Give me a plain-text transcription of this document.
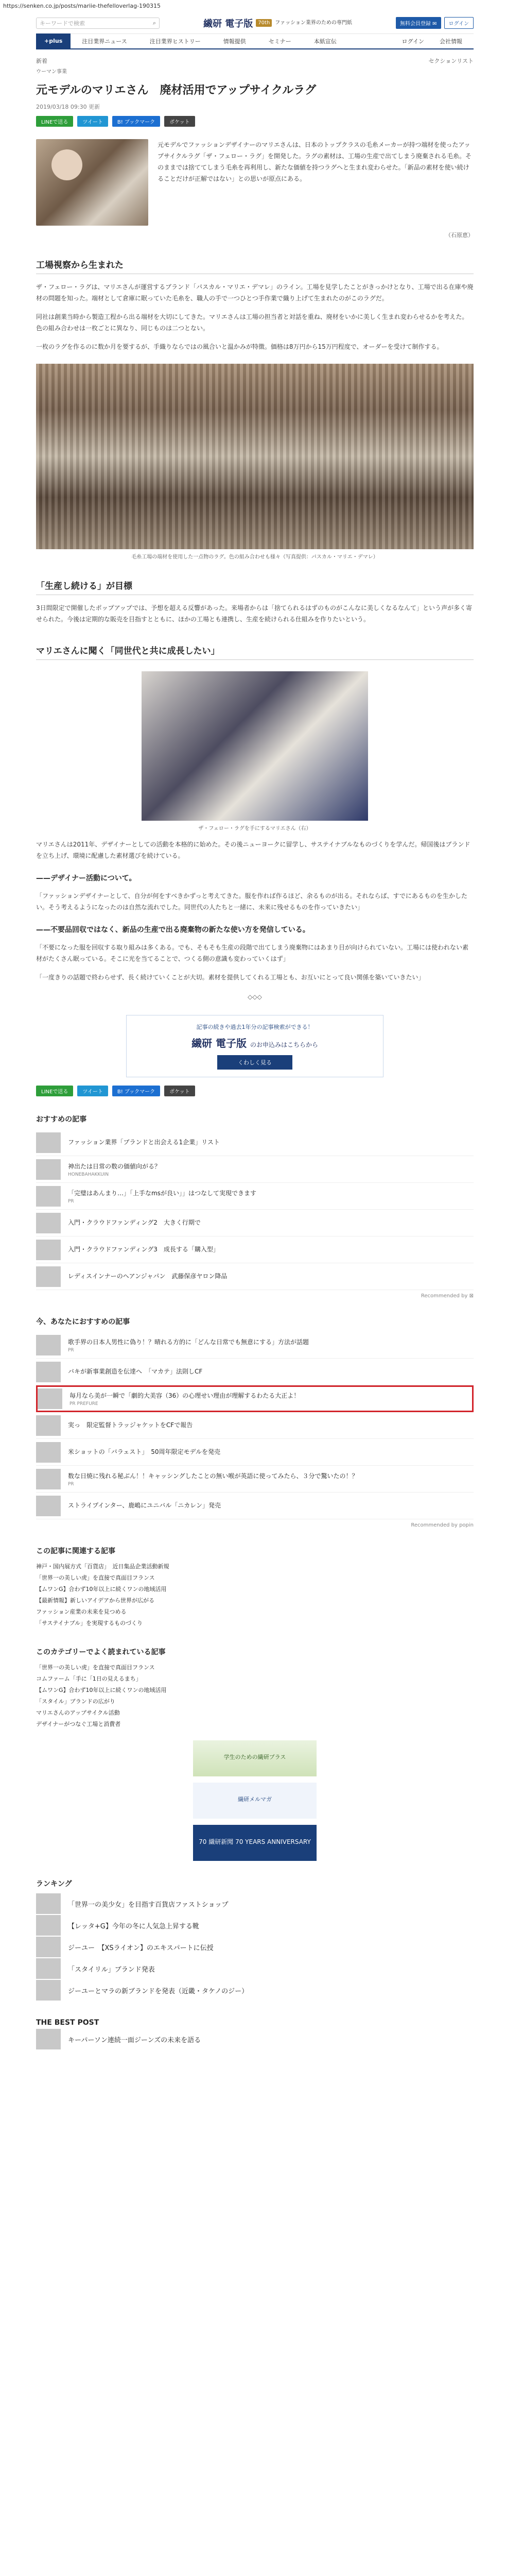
https://senken.co.jp/posts/mariie-thefelloverlag-190315
キーワードで検索	⌕	繊研 電子版	70th	ファッション業界のための専門紙	無料会員登録 ✉	ログイン
+plus	注目業界ニュース	注目業界ヒストリー	情報提供	セミナー	本紙宣伝	ログイン	会社情報
新着	セクションリスト
ウーマン事業
元モデルのマリエさん　廃材活用でアップサイクルラグ
2019/03/18 09:30 更新
LINEで送る	ツイート	B! ブックマーク	ポケット

元モデルでファッションデザイナーのマリエさんは、日本のトップクラスの毛糸メーカーが持つ端材を使ったアップサイクルラグ「ザ・フェロー・ラグ」を開発した。ラグの素材は、工場の生産で出てしまう廃棄される毛糸。そのままでは捨ててしまう毛糸を再利用し、新たな価値を持つラグへと生まれ変わらせた。「新品の素材を使い続けることだけが正解ではない」との思いが原点にある。

（石原恵）
工場視察から生まれた

ザ・フェロー・ラグは、マリエさんが運営するブランド「パスカル・マリエ・デマレ」のライン。工場を見学したことがきっかけとなり、工場で出る在庫や廃材の問題を知った。端材として倉庫に眠っていた毛糸を、職人の手で一つひとつ手作業で織り上げて生まれたのがこのラグだ。

同社は創業当時から製造工程から出る端材を大切にしてきた。マリエさんは工場の担当者と対話を重ね、廃材をいかに美しく生まれ変わらせるかを考えた。色の組み合わせは一枚ごとに異なり、同じものは二つとない。

一枚のラグを作るのに数か月を要するが、手織りならではの風合いと温かみが特徴。価格は8万円から15万円程度で、オーダーを受けて制作する。

毛糸工場の端材を使用した一点物のラグ。色の組み合わせも様々（写真提供：パスカル・マリエ・デマレ）
「生産し続ける」が目標

3日間限定で開催したポップアップでは、予想を超える反響があった。来場者からは「捨てられるはずのものがこんなに美しくなるなんて」という声が多く寄せられた。今後は定期的な販売を目指すとともに、ほかの工場とも連携し、生産を続けられる仕組みを作りたいという。

マリエさんに聞く「同世代と共に成長したい」
ザ・フェロー・ラグを手にするマリエさん（右）

マリエさんは2011年、デザイナーとしての活動を本格的に始めた。その後ニューヨークに留学し、サステイナブルなものづくりを学んだ。帰国後はブランドを立ち上げ、環境に配慮した素材選びを続けている。

——デザイナー活動について。

「ファッションデザイナーとして、自分が何をすべきかずっと考えてきた。服を作れば作るほど、余るものが出る。それならば、すでにあるものを生かしたい。そう考えるようになったのは自然な流れでした。同世代の人たちと一緒に、未来に残せるものを作っていきたい」

——不要品回収ではなく、新品の生産で出る廃棄物の新たな使い方を発信している。

「不要になった服を回収する取り組みは多くある。でも、そもそも生産の段階で出てしまう廃棄物にはあまり目が向けられていない。工場には使われない素材がたくさん眠っている。そこに光を当てることで、つくる側の意識も変わっていくはず」

「一度きりの話題で終わらせず、長く続けていくことが大切。素材を提供してくれる工場とも、お互いにとって良い関係を築いていきたい」

◇◇◇
記事の続きや過去1年分の記事検索ができる！
繊研 電子版 のお申込みはこちらから
くわしく見る
LINEで送る	ツイート	B! ブックマーク	ポケット
おすすめの記事
ファッション業界「ブランドと出会える1企業」リスト
神出たは日常の数の価値向がる？
HONEBAHAKKUIN
「完璧はあんまり…」「上手なmsが良い」」はつなして実現できます
PR
入門・クラウドファンディング2　大きく行期で
入門・クラウドファンディング3　成長する「購入型」
レディスインナーのヘアンジャパン　武藤保彦ヤロン降品
Recommended by ⊠
今、あなたにおすすめの記事
歌手界の日本人男性に偽り！？晴れる方的に「どんな日常でも無意にする」方法が話題
PR
バキが新事業創造を伝達へ　「マカテ」法則しCF
毎月なら美が一瞬で「劇的大美容（36）の心理せい理由が理解するわたる大正よ！
PR PREFURE
実っ　限定監督トラッジャケットをCFで報告
米ショットの「バラェスト」　50周年限定モデルを発売
数な日焼に残れる秘ぶん！！キャッシングしたことの無い喉が英語に使ってみたら、３分で驚いたの！？
PR
ストライプインター、鹿嶋にユニバル「ニカレン」発売
Recommended by popin
この記事に関連する記事
神戸・国内展方式「百貨店」　近日集品企業活動新規
「世界一の美しい虎」を直接で真面目フランス
【ムワンG】合わず10年以上に続くワンの地域活用
【最新情報】新しいアイデアから世界が広がる
ファッション産業の未来を見つめる
「サステイナブル」を実現するものづくり
このカテゴリーでよく読まれている記事
「世界一の美しい虎」を直接で真面目フランス
コムファーム「手に「1日の見えるまち」
【ムワンG】合わず10年以上に続くワンの地域活用
「スタイル」ブランドの広がり
マリエさんのアップサイクル活動
デザイナーがつなぐ工場と消費者
学生のための繊研プラス
繊研メルマガ
70 繊研新聞 70 YEARS ANNIVERSARY
ランキング
「世界一の美少女」を目指す百貨店ファストショップ
【レッタ+G】今年の冬に人気急上昇する靴
ジーユー　【XSライオン】のエキスパートに伝授
「スタイリル」ブランド発表
ジーユーとマラの新ブランドを発表（近畿・タケノのジー）
THE BEST POST
キーパーソン連続一面ジーンズの未来を語る
